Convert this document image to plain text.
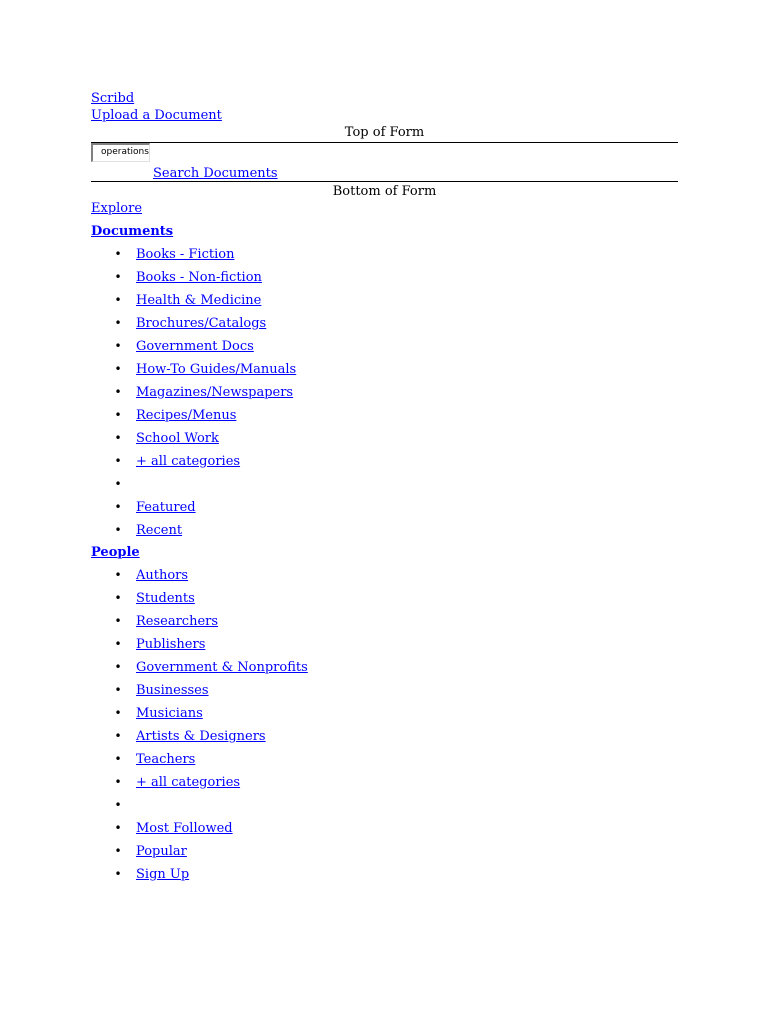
Scribd
Upload a Document
Top of Form
operations
Search Documents
Bottom of Form
Explore
Documents
• Books - Fiction
• Books - Non-fiction
• Health & Medicine
• Brochures/Catalogs
• Government Docs
• How-To Guides/Manuals
• Magazines/Newspapers
• Recipes/Menus
• School Work
• + all categories
•
• Featured
• Recent
People
• Authors
• Students
• Researchers
• Publishers
• Government & Nonprofits
• Businesses
• Musicians
• Artists & Designers
• Teachers
• + all categories
•
• Most Followed
• Popular
• Sign Up
